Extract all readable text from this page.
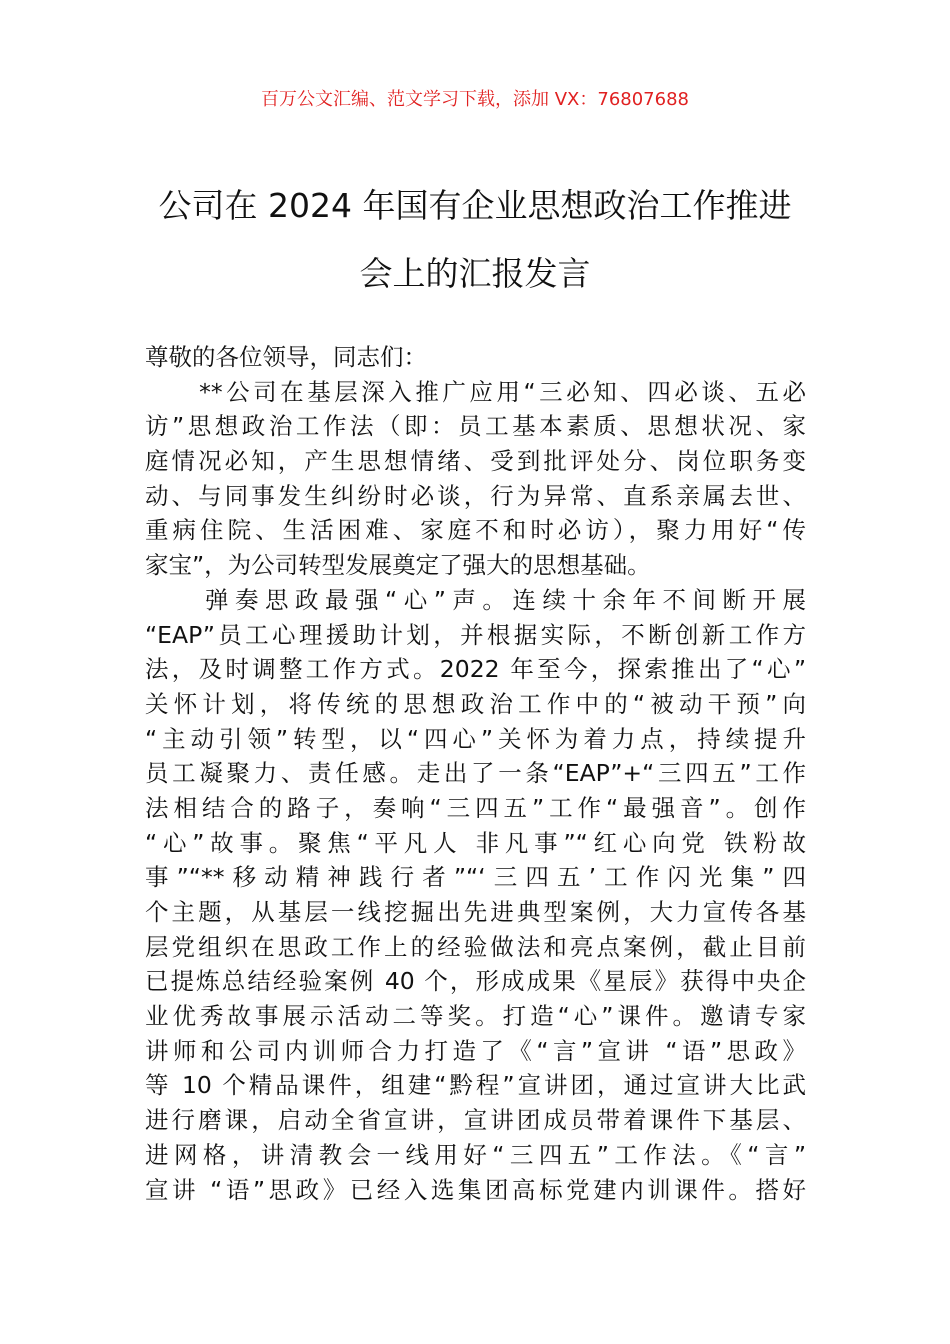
百万公文汇编、范文学习下载，添加 VX：76807688
公司在 2024 年国有企业思想政治工作推进
会上的汇报发言
尊敬的各位领导，同志们：
　　**公司在基层深入推广应用“三必知、四必谈、五必
访”思想政治工作法（即：员工基本素质、思想状况、家
庭情况必知，产生思想情绪、受到批评处分、岗位职务变
动、与同事发生纠纷时必谈，行为异常、直系亲属去世、
重病住院、生活困难、家庭不和时必访），聚力用好“传
家宝”，为公司转型发展奠定了强大的思想基础。
　　弹奏思政最强“心”声。连续十余年不间断开展
“EAP”员工心理援助计划，并根据实际，不断创新工作方
法，及时调整工作方式。2022 年至今，探索推出了“心”
关怀计划，将传统的思想政治工作中的“被动干预”向
“主动引领”转型，以“四心”关怀为着力点，持续提升
员工凝聚力、责任感。走出了一条“EAP”+“三四五”工作
法相结合的路子，奏响“三四五”工作“最强音”。创作
“心”故事。聚焦“平凡人 非凡事”“红心向党 铁粉故
事”“**移动精神践行者”“‘三四五’工作闪光集”四
个主题，从基层一线挖掘出先进典型案例，大力宣传各基
层党组织在思政工作上的经验做法和亮点案例，截止目前
已提炼总结经验案例 40 个，形成成果《星辰》获得中央企
业优秀故事展示活动二等奖。打造“心”课件。邀请专家
讲师和公司内训师合力打造了《“言”宣讲 “语”思政》
等 10 个精品课件，组建“黔程”宣讲团，通过宣讲大比武
进行磨课，启动全省宣讲，宣讲团成员带着课件下基层、
进网格，讲清教会一线用好“三四五”工作法。《“言”
宣讲 “语”思政》已经入选集团高标党建内训课件。搭好
